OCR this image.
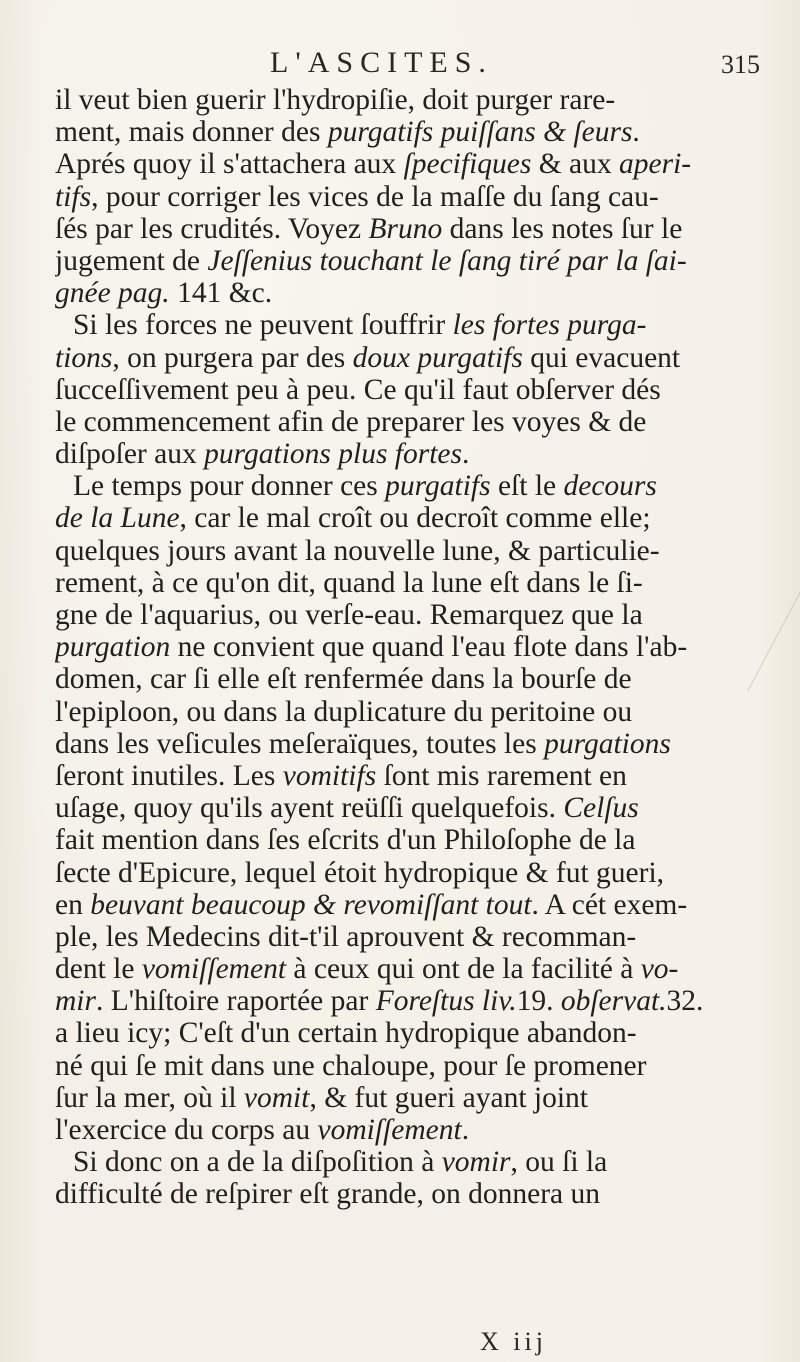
L'ASCITES.	315
il veut bien guerir l'hydropiſie, doit purger rare-
ment, mais donner des purgatifs puiſſans & ſeurs.
Aprés quoy il s'attachera aux ſpecifiques & aux aperi-
tifs, pour corriger les vices de la maſſe du ſang cau-
ſés par les crudités. Voyez Bruno dans les notes ſur le
jugement de Jeſſenius touchant le ſang tiré par la ſai-
gnée pag. 141 &c.
Si les forces ne peuvent ſouffrir les fortes purga-
tions, on purgera par des doux purgatifs qui evacuent
ſucceſſivement peu à peu. Ce qu'il faut obſerver dés
le commencement afin de preparer les voyes & de
diſpoſer aux purgations plus fortes.
Le temps pour donner ces purgatifs eſt le decours
de la Lune, car le mal croît ou decroît comme elle;
quelques jours avant la nouvelle lune, & particulie-
rement, à ce qu'on dit, quand la lune eſt dans le ſi-
gne de l'aquarius, ou verſe-eau. Remarquez que la
purgation ne convient que quand l'eau flote dans l'ab-
domen, car ſi elle eſt renfermée dans la bourſe de
l'epiploon, ou dans la duplicature du peritoine ou
dans les veſicules meſeraïques, toutes les purgations
ſeront inutiles. Les vomitifs ſont mis rarement en
uſage, quoy qu'ils ayent reüſſi quelquefois. Celſus
fait mention dans ſes eſcrits d'un Philoſophe de la
ſecte d'Epicure, lequel étoit hydropique & fut gueri,
en beuvant beaucoup & revomiſſant tout. A cét exem-
ple, les Medecins dit-t'il aprouvent & recomman-
dent le vomiſſement à ceux qui ont de la facilité à vo-
mir. L'hiſtoire raportée par Foreſtus liv.19. obſervat.32.
a lieu icy; C'eſt d'un certain hydropique abandon-
né qui ſe mit dans une chaloupe, pour ſe promener
ſur la mer, où il vomit, & fut gueri ayant joint
l'exercice du corps au vomiſſement.
Si donc on a de la diſpoſition à vomir, ou ſi la
difficulté de reſpirer eſt grande, on donnera un
X iij
